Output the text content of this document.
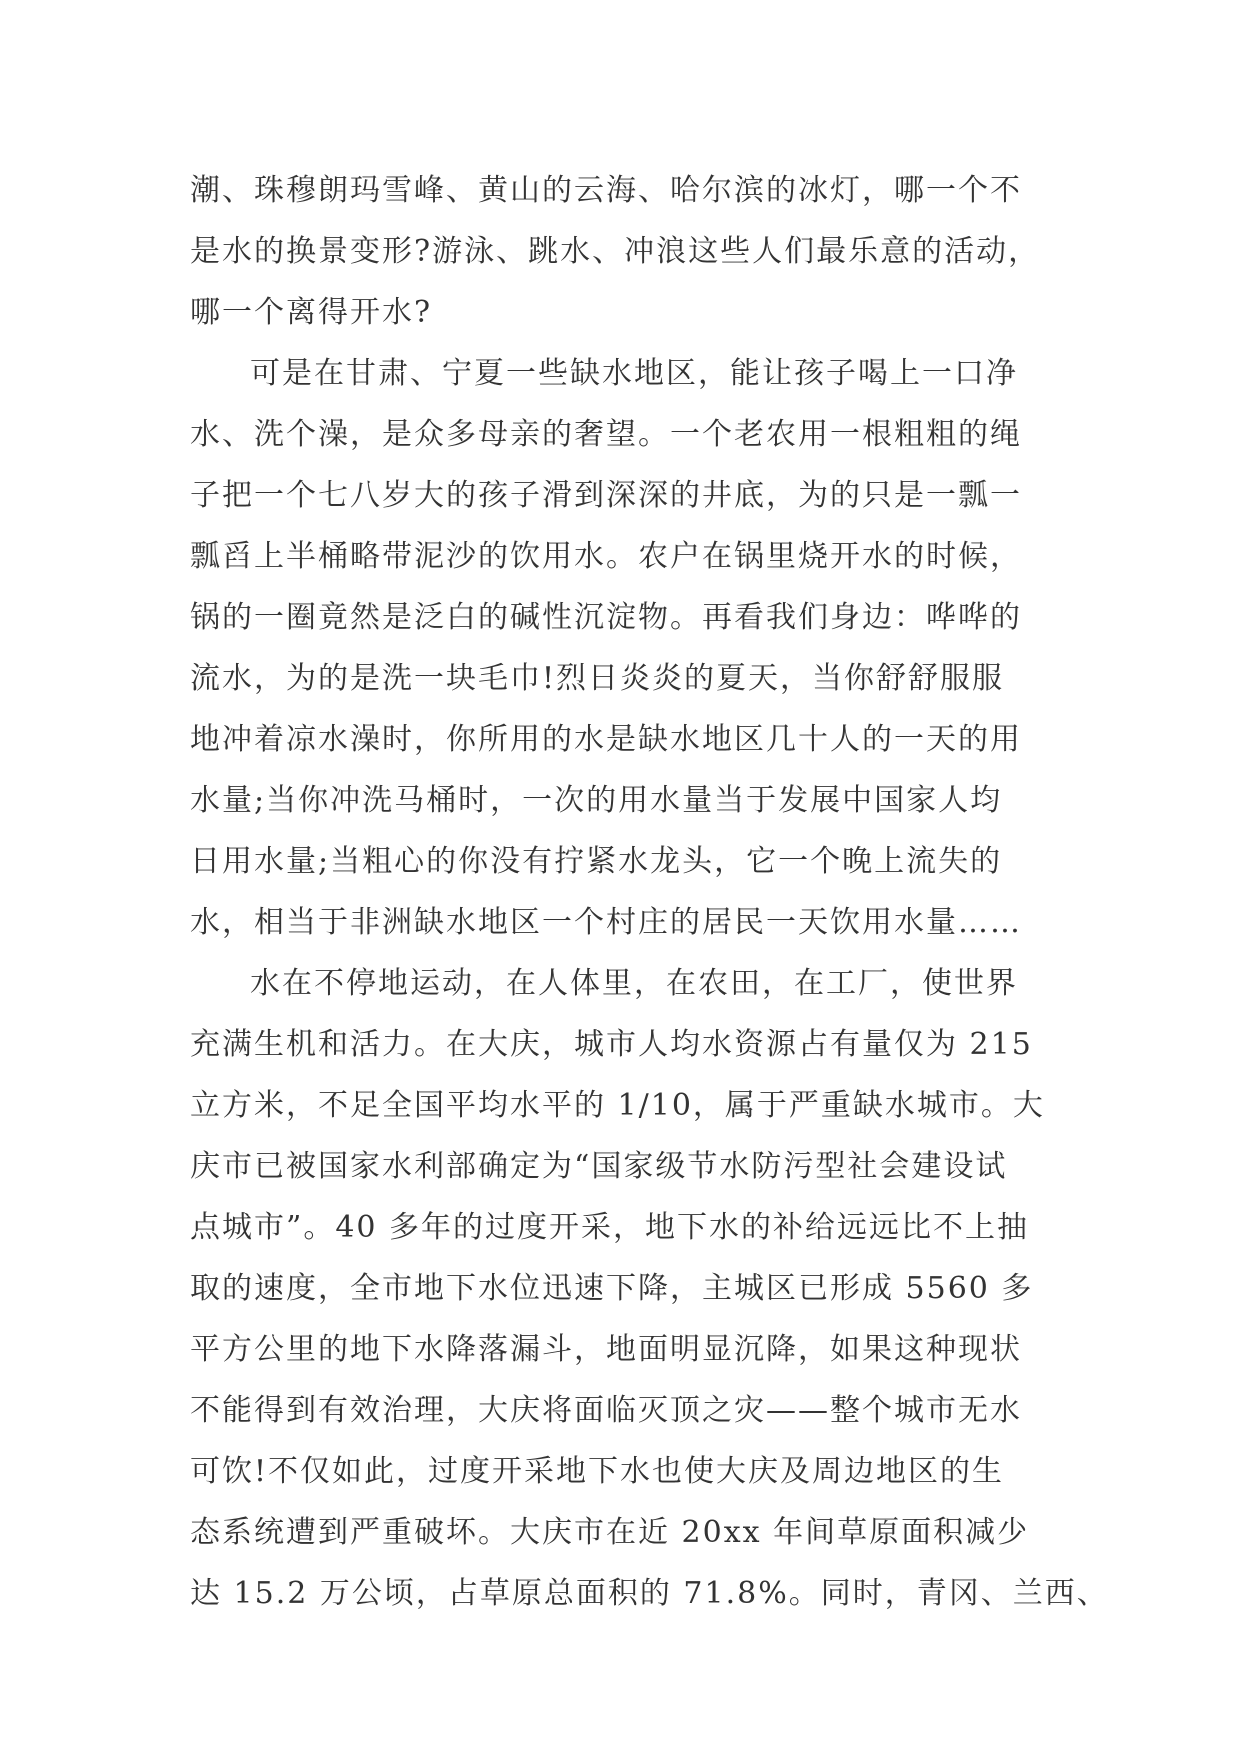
潮、珠穆朗玛雪峰、黄山的云海、哈尔滨的冰灯，哪一个不
是水的换景变形?游泳、跳水、冲浪这些人们最乐意的活动，
哪一个离得开水?
可是在甘肃、宁夏一些缺水地区，能让孩子喝上一口净
水、洗个澡，是众多母亲的奢望。一个老农用一根粗粗的绳
子把一个七八岁大的孩子滑到深深的井底，为的只是一瓢一
瓢舀上半桶略带泥沙的饮用水。农户在锅里烧开水的时候，
锅的一圈竟然是泛白的碱性沉淀物。再看我们身边：哗哗的
流水，为的是洗一块毛巾!烈日炎炎的夏天，当你舒舒服服
地冲着凉水澡时，你所用的水是缺水地区几十人的一天的用
水量;当你冲洗马桶时，一次的用水量当于发展中国家人均
日用水量;当粗心的你没有拧紧水龙头，它一个晚上流失的
水，相当于非洲缺水地区一个村庄的居民一天饮用水量……
水在不停地运动，在人体里，在农田，在工厂，使世界
充满生机和活力。在大庆，城市人均水资源占有量仅为 215
立方米，不足全国平均水平的 1/10，属于严重缺水城市。大
庆市已被国家水利部确定为“国家级节水防污型社会建设试
点城市”。40 多年的过度开采，地下水的补给远远比不上抽
取的速度，全市地下水位迅速下降，主城区已形成 5560 多
平方公里的地下水降落漏斗，地面明显沉降，如果这种现状
不能得到有效治理，大庆将面临灭顶之灾——整个城市无水
可饮!不仅如此，过度开采地下水也使大庆及周边地区的生
态系统遭到严重破坏。大庆市在近 20xx 年间草原面积减少
达 15.2 万公顷，占草原总面积的 71.8%。同时，青冈、兰西、
